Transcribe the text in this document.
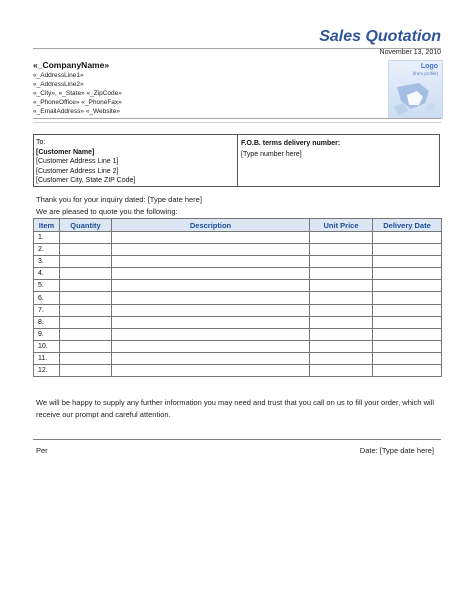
Sales Quotation
November 13, 2010
«_CompanyName»
«_AddressLine1»
«_AddressLine2»
«_City», «_State» «_ZipCode»
«_PhoneOffice» «_PhoneFax»
«_EmailAddress» «_Website»
Logo
(from profile)
To:
[Customer Name]
[Customer Address Line 1]
[Customer Address Line 2]
[Customer City, State ZIP Code]
F.O.B. terms delivery number:
[Type number here]
Thank you for your inquiry dated: [Type date here]
We are pleased to quote you the following:
Item	Quantity	Description	Unit Price	Delivery Date
1.				
2.				
3.				
4.				
5.				
6.				
7.				
8.				
9.				
10.				
11.				
12.				
We will be happy to supply any further information you may need and trust that you call on us to fill your order, which will receive our prompt and careful attention.
Per	Date: [Type date here]
